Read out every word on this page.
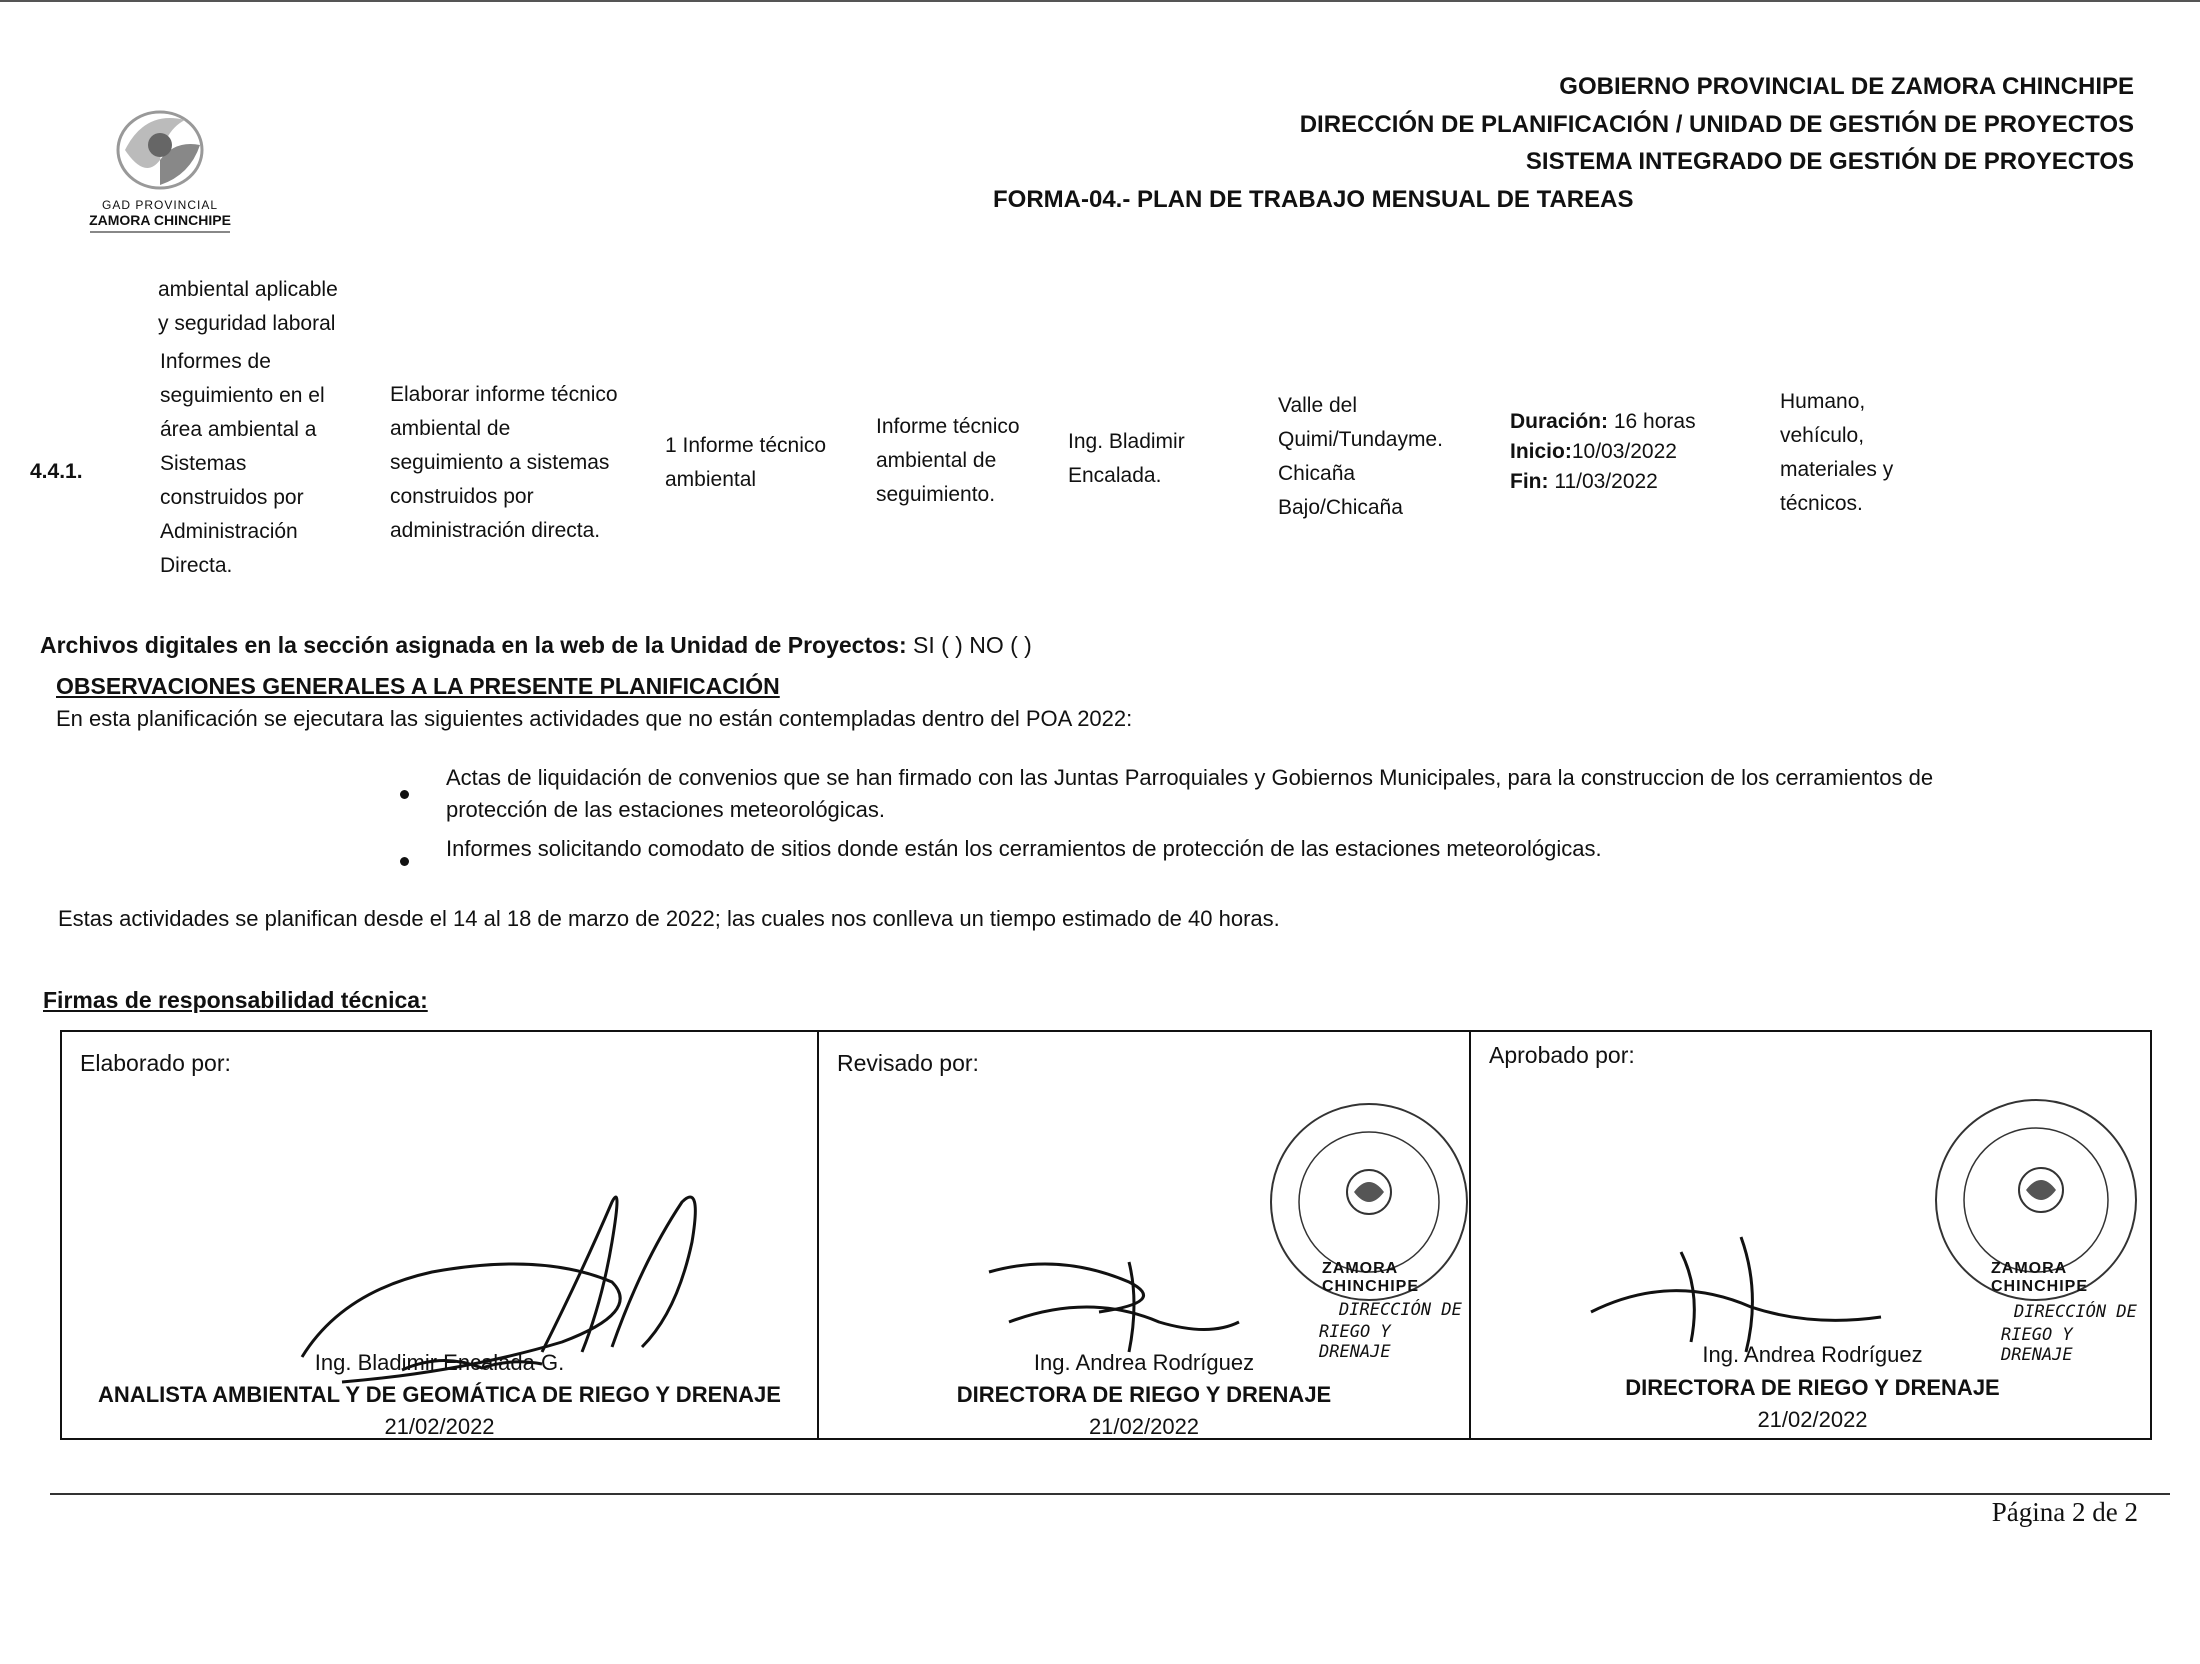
GAD PROVINCIAL
ZAMORA CHINCHIPE
GOBIERNO PROVINCIAL DE ZAMORA CHINCHIPE
DIRECCIÓN DE PLANIFICACIÓN / UNIDAD DE GESTIÓN DE PROYECTOS
SISTEMA INTEGRADO DE GESTIÓN DE PROYECTOS
FORMA-04.- PLAN DE TRABAJO MENSUAL DE TAREAS
ambiental aplicable
y seguridad laboral
4.4.1.
Informes de
seguimiento en el
área ambiental a
Sistemas
construidos por
Administración
Directa.
Elaborar informe técnico
ambiental de
seguimiento a sistemas
construidos por
administración directa.
1 Informe técnico
ambiental
Informe técnico
ambiental de
seguimiento.
Ing. Bladimir
Encalada.
Valle del
Quimi/Tundayme.
Chicaña
Bajo/Chicaña
Duración: 16 horas
Inicio:10/03/2022
Fin: 11/03/2022
Humano,
vehículo,
materiales y
técnicos.
Archivos digitales en la sección asignada en la web de la Unidad de Proyectos: SI ( ) NO ( )
OBSERVACIONES GENERALES A LA PRESENTE PLANIFICACIÓN
En esta planificación se ejecutara las siguientes actividades que no están contempladas dentro del POA 2022:
Actas de liquidación de convenios que se han firmado con las Juntas Parroquiales y Gobiernos Municipales, para la construccion de los cerramientos de
protección de las estaciones meteorológicas.
Informes solicitando comodato de sitios donde están los cerramientos de protección de las estaciones meteorológicas.
Estas actividades se planifican desde el 14 al 18 de marzo de 2022; las cuales nos conlleva un tiempo estimado de 40 horas.
Firmas de responsabilidad técnica:
Elaborado por:
Ing. Bladimir Encalada G.
ANALISTA AMBIENTAL Y DE GEOMÁTICA DE RIEGO Y DRENAJE
21/02/2022
Revisado por:
ZAMORA CHINCHIPE
DIRECCIÓN DE
RIEGO Y DRENAJE
Ing. Andrea Rodríguez
DIRECTORA DE RIEGO Y DRENAJE
21/02/2022
Aprobado por:
ZAMORA CHINCHIPE
DIRECCIÓN DE
RIEGO Y DRENAJE
Ing. Andrea Rodríguez
DIRECTORA DE RIEGO Y DRENAJE
21/02/2022
Página 2 de 2
